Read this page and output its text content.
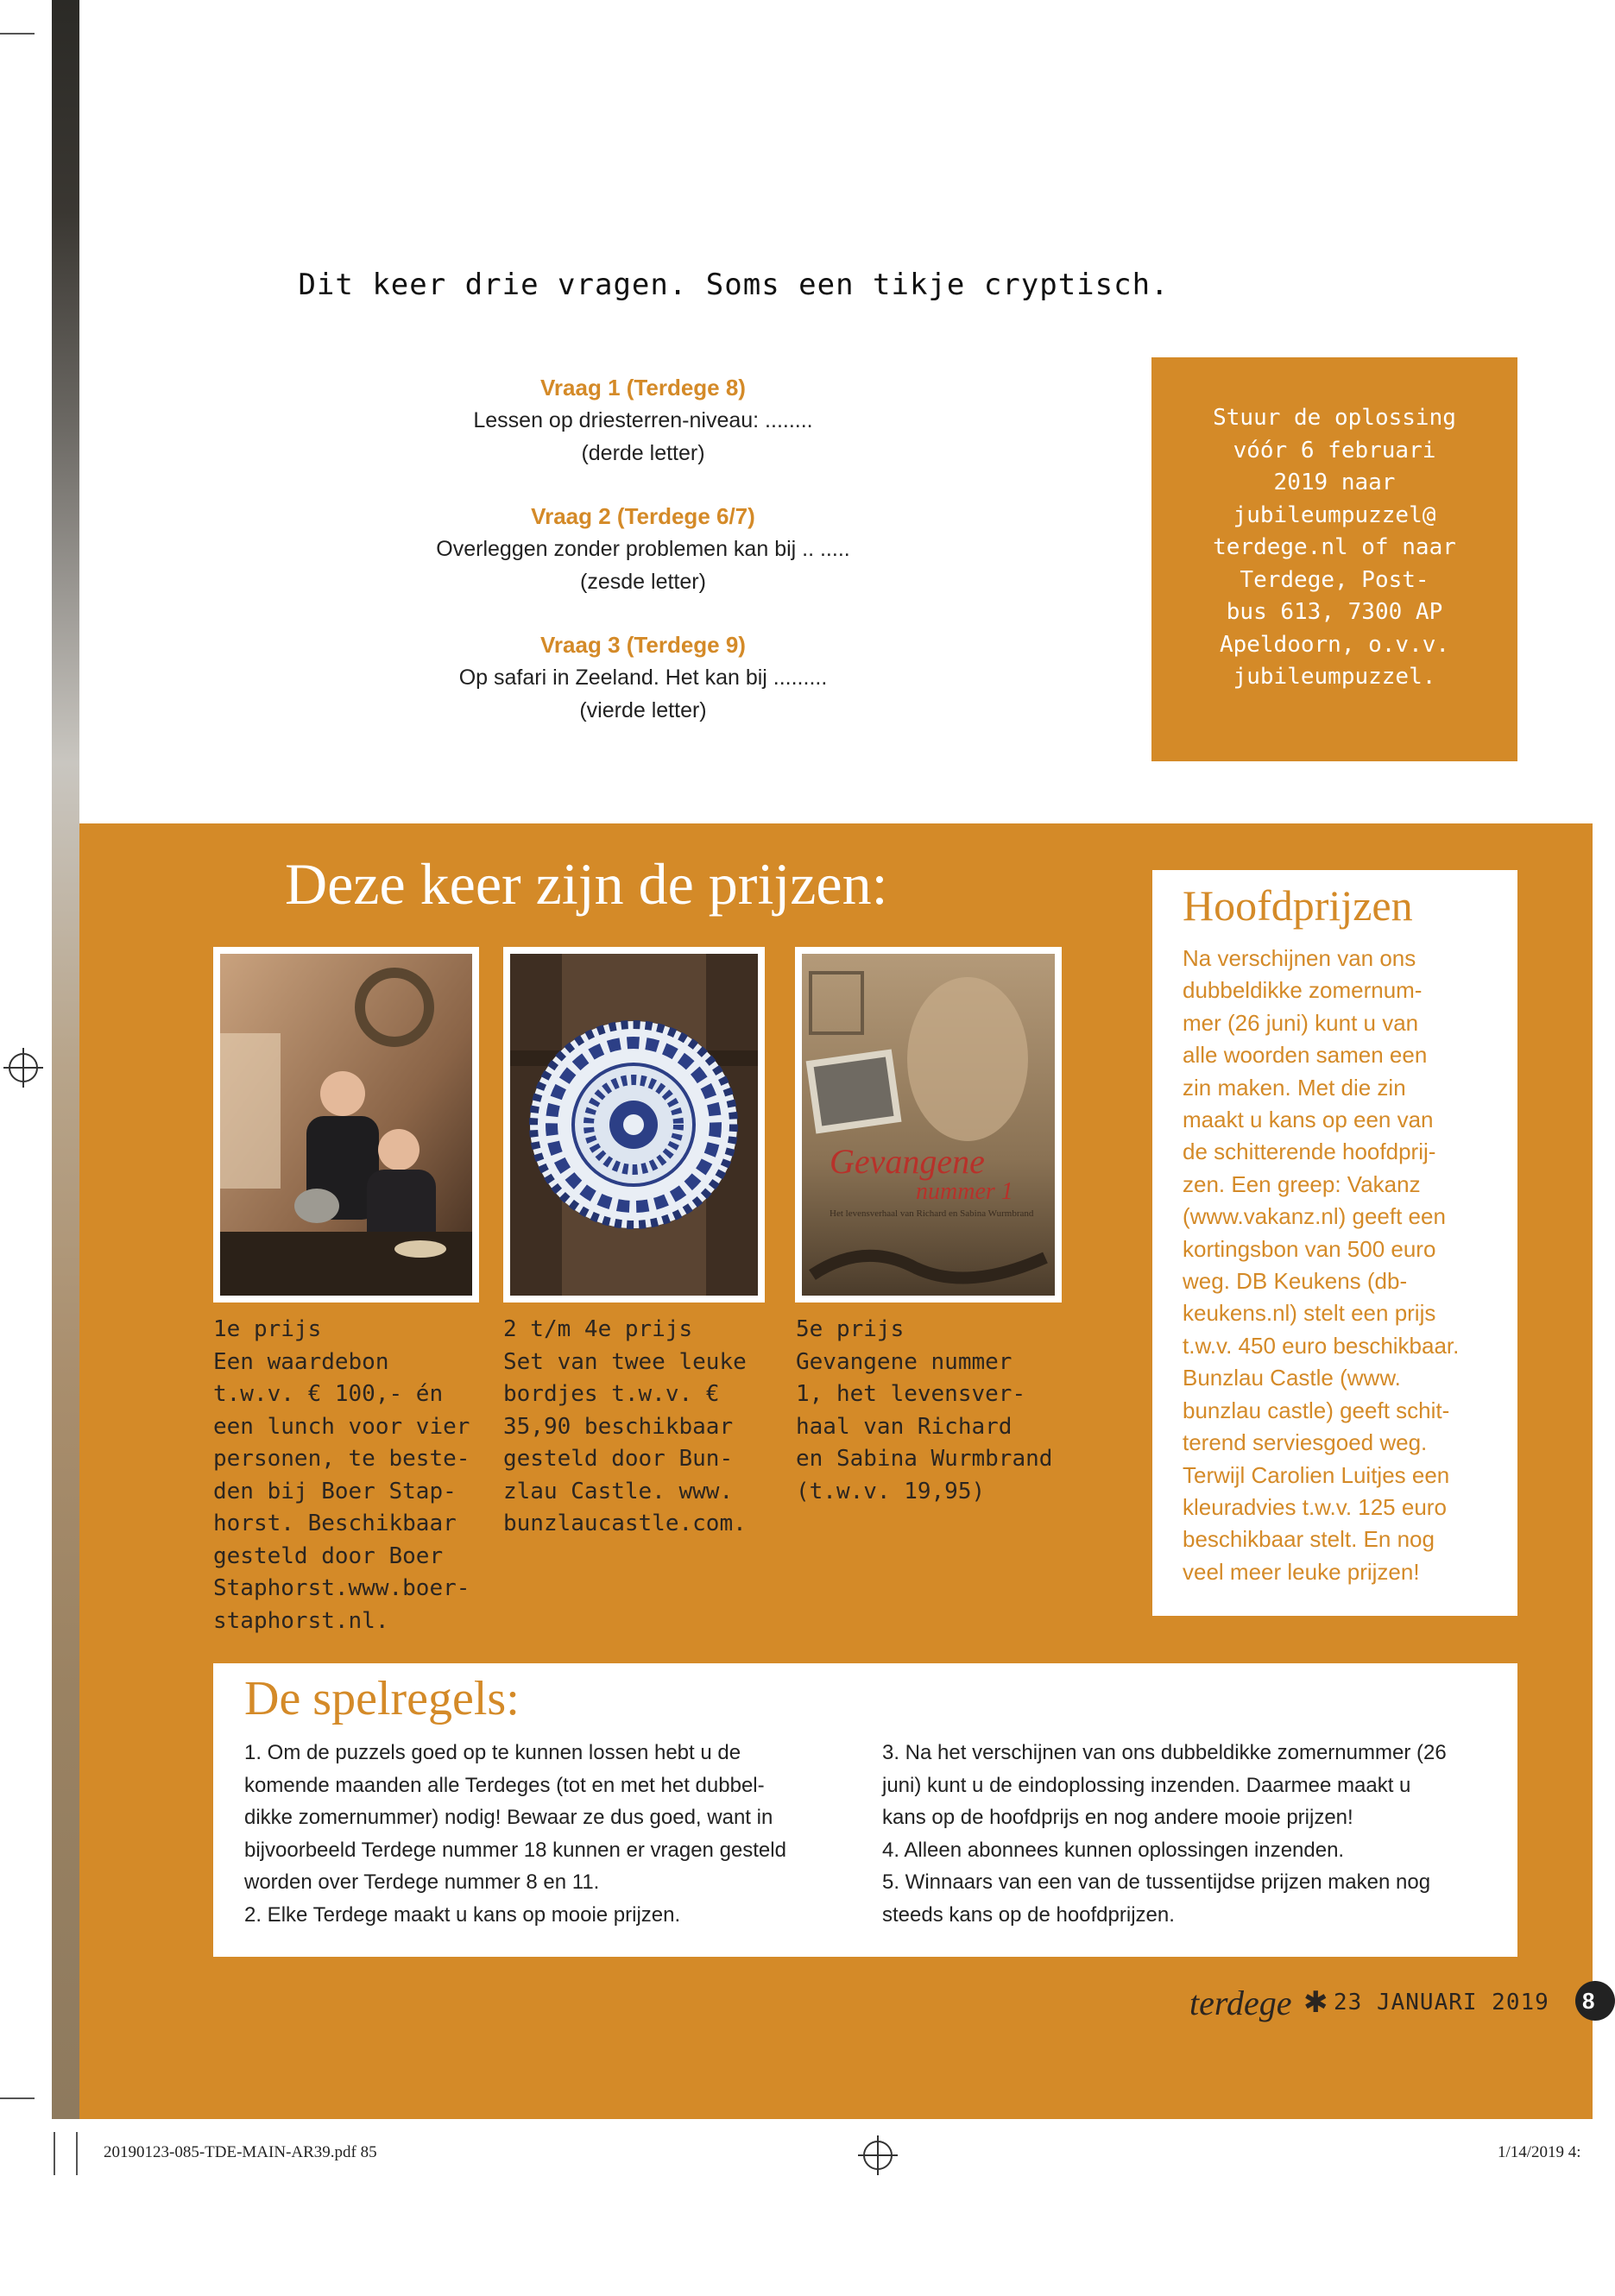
Dit keer drie vragen. Soms een tikje cryptisch.
Vraag 1 (Terdege 8)
Lessen op driesterren-niveau: ........
(derde letter)
Vraag 2 (Terdege 6/7)
Overleggen zonder problemen kan bij .. .....
(zesde letter)
Vraag 3 (Terdege 9)
Op safari in Zeeland. Het kan bij .........
(vierde letter)
Stuur de oplossing
vóór 6 februari
2019 naar
jubileumpuzzel@
terdege.nl of naar
Terdege, Post-
bus 613, 7300 AP
Apeldoorn, o.v.v.
jubileumpuzzel.
Deze keer zijn de prijzen:
Gevangene
nummer 1
Het levensverhaal van Richard en Sabina Wurmbrand
1e prijs
Een waardebon
t.w.v. € 100,- én
een lunch voor vier
personen, te beste-
den bij Boer Stap-
horst. Beschikbaar
gesteld door Boer
Staphorst.www.boer-
staphorst.nl.
2 t/m 4e prijs
Set van twee leuke
bordjes t.w.v. €
35,90 beschikbaar
gesteld door Bun-
zlau Castle. www.
bunzlaucastle.com.
5e prijs
Gevangene nummer
1, het levensver-
haal van Richard
en Sabina Wurmbrand
(t.w.v. 19,95)
Hoofdprijzen
Na verschijnen van ons
dubbeldikke zomernum-
mer (26 juni) kunt u van
alle woorden samen een
zin maken. Met die zin
maakt u kans op een van
de schitterende hoofdprij-
zen. Een greep: Vakanz
(www.vakanz.nl) geeft een
kortingsbon van 500 euro
weg. DB Keukens (db-
keukens.nl) stelt een prijs
t.w.v. 450 euro beschikbaar.
Bunzlau Castle (www.
bunzlau castle) geeft schit-
terend serviesgoed weg.
Terwijl Carolien Luitjes een
kleuradvies t.w.v. 125 euro
beschikbaar stelt. En nog
veel meer leuke prijzen!
De spelregels:
1. Om de puzzels goed op te kunnen lossen hebt u de
komende maanden alle Terdeges (tot en met het dubbel-
dikke zomernummer) nodig! Bewaar ze dus goed, want in
bijvoorbeeld Terdege nummer 18 kunnen er vragen gesteld
worden over Terdege nummer 8 en 11.
2. Elke Terdege maakt u kans op mooie prijzen.
3. Na het verschijnen van ons dubbeldikke zomernummer (26
juni) kunt u de eindoplossing inzenden. Daarmee maakt u
kans op de hoofdprijs en nog andere mooie prijzen!
4. Alleen abonnees kunnen oplossingen inzenden.
5. Winnaars van een van de tussentijdse prijzen maken nog
steeds kans op de hoofdprijzen.
terdege ✱ 23 JANUARI 2019	8
20190123-085-TDE-MAIN-AR39.pdf 85	1/14/2019 4:
